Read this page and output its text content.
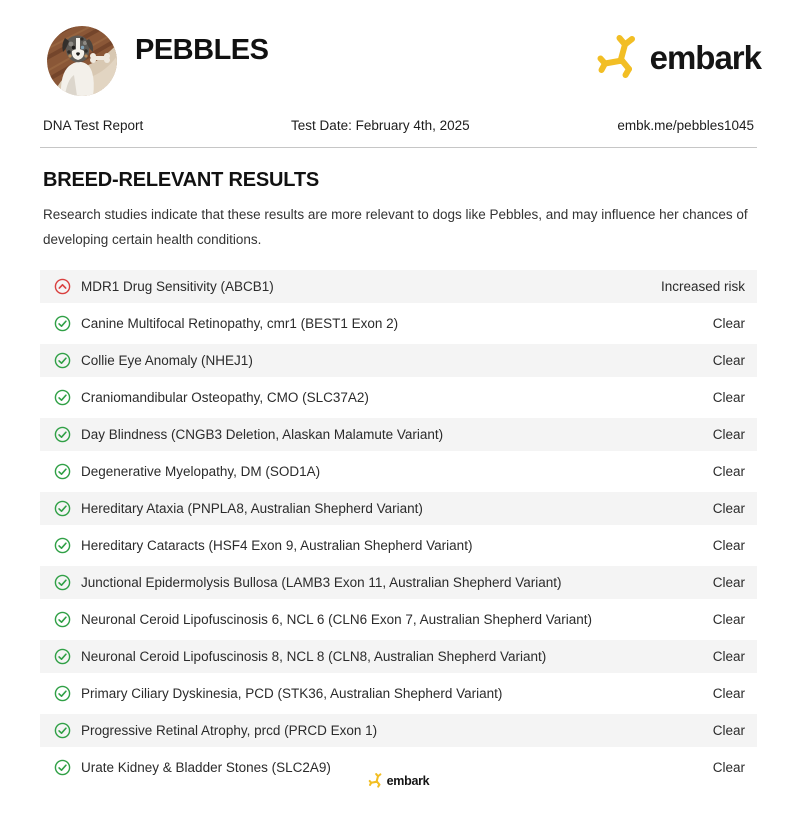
PEBBLES	embark
DNA Test Report	Test Date: February 4th, 2025	embk.me/pebbles1045
BREED-RELEVANT RESULTS

Research studies indicate that these results are more relevant to dogs like Pebbles, and may influence her chances of developing certain health conditions.

MDR1 Drug Sensitivity (ABCB1)	Increased risk
Canine Multifocal Retinopathy, cmr1 (BEST1 Exon 2)	Clear
Collie Eye Anomaly (NHEJ1)	Clear
Craniomandibular Osteopathy, CMO (SLC37A2)	Clear
Day Blindness (CNGB3 Deletion, Alaskan Malamute Variant)	Clear
Degenerative Myelopathy, DM (SOD1A)	Clear
Hereditary Ataxia (PNPLA8, Australian Shepherd Variant)	Clear
Hereditary Cataracts (HSF4 Exon 9, Australian Shepherd Variant)	Clear
Junctional Epidermolysis Bullosa (LAMB3 Exon 11, Australian Shepherd Variant)	Clear
Neuronal Ceroid Lipofuscinosis 6, NCL 6 (CLN6 Exon 7, Australian Shepherd Variant)	Clear
Neuronal Ceroid Lipofuscinosis 8, NCL 8 (CLN8, Australian Shepherd Variant)	Clear
Primary Ciliary Dyskinesia, PCD (STK36, Australian Shepherd Variant)	Clear
Progressive Retinal Atrophy, prcd (PRCD Exon 1)	Clear
Urate Kidney & Bladder Stones (SLC2A9)	Clear
embark
